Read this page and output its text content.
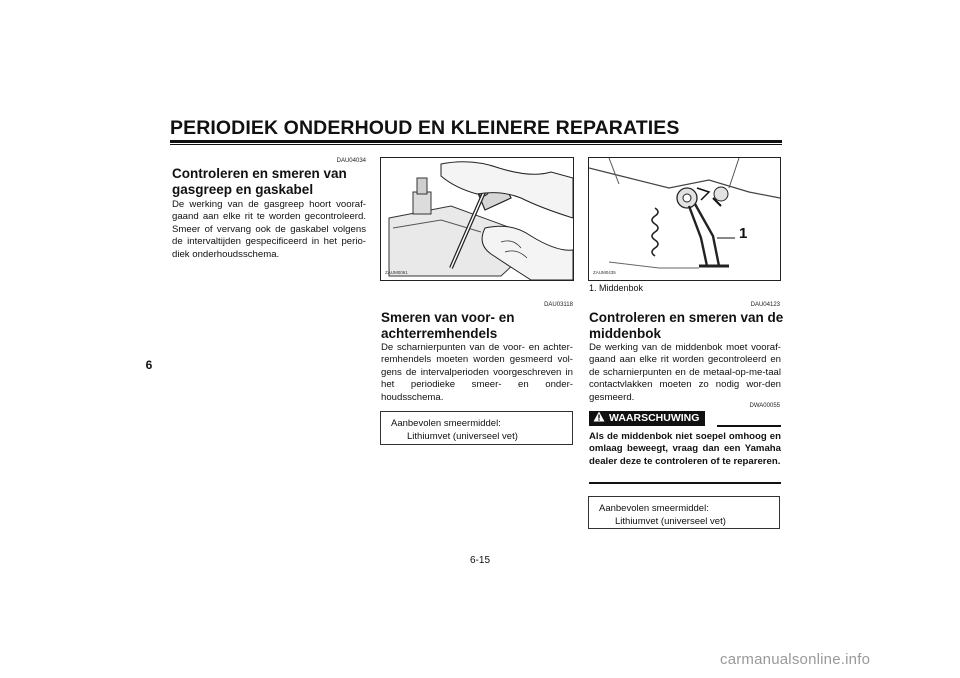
PERIODIEK ONDERHOUD EN KLEINERE REPARATIES
6
DAU04034
Controleren en smeren van
gasgreep en gaskabel
De werking van de gasgreep hoort vooraf-gaand aan elke rit te worden gecontroleerd. Smeer of vervang ook de gaskabel volgens de intervaltijden gespecificeerd in het perio-diek onderhoudsschema.
ZAUM0061
DAU03118
Smeren van voor- en
achterremhendels
De scharnierpunten van de voor- en achter-remhendels moeten worden gesmeerd vol-gens de intervalperioden voorgeschreven in het periodieke smeer- en onder-houdsschema.
Aanbevolen smeermiddel:
Lithiumvet (universeel vet)
1
ZAUM0435
1. Middenbok
DAU04123
Controleren en smeren van de
middenbok
De werking van de middenbok moet vooraf-gaand aan elke rit worden gecontroleerd en de scharnierpunten en de metaal-op-me-taal contactvlakken moeten zo nodig wor-den gesmeerd.
DWA00055
WAARSCHUWING
Als de middenbok niet soepel omhoog en omlaag beweegt, vraag dan een Yamaha dealer deze te controleren of te repareren.
Aanbevolen smeermiddel:
Lithiumvet (universeel vet)
6-15
carmanualsonline.info
